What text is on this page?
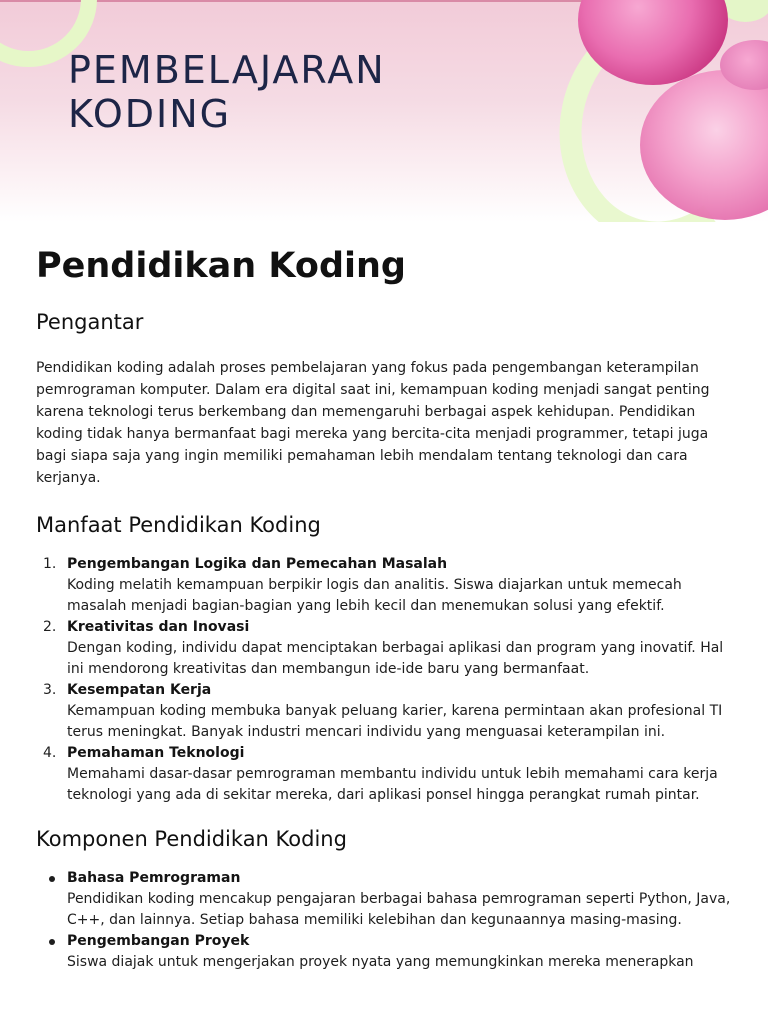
PEMBELAJARAN
KODING
Pendidikan Koding
Pengantar

Pendidikan koding adalah proses pembelajaran yang fokus pada pengembangan keterampilan pemrograman komputer. Dalam era digital saat ini, kemampuan koding menjadi sangat penting karena teknologi terus berkembang dan memengaruhi berbagai aspek kehidupan. Pendidikan koding tidak hanya bermanfaat bagi mereka yang bercita-cita menjadi programmer, tetapi juga bagi siapa saja yang ingin memiliki pemahaman lebih mendalam tentang teknologi dan cara kerjanya.

Manfaat Pendidikan Koding
1. Pengembangan Logika dan Pemecahan Masalah
Koding melatih kemampuan berpikir logis dan analitis. Siswa diajarkan untuk memecah masalah menjadi bagian-bagian yang lebih kecil dan menemukan solusi yang efektif.
2. Kreativitas dan Inovasi
Dengan koding, individu dapat menciptakan berbagai aplikasi dan program yang inovatif. Hal ini mendorong kreativitas dan membangun ide-ide baru yang bermanfaat.
3. Kesempatan Kerja
Kemampuan koding membuka banyak peluang karier, karena permintaan akan profesional TI terus meningkat. Banyak industri mencari individu yang menguasai keterampilan ini.
4. Pemahaman Teknologi
Memahami dasar-dasar pemrograman membantu individu untuk lebih memahami cara kerja teknologi yang ada di sekitar mereka, dari aplikasi ponsel hingga perangkat rumah pintar.
Komponen Pendidikan Koding
Bahasa Pemrograman
Pendidikan koding mencakup pengajaran berbagai bahasa pemrograman seperti Python, Java, C++, dan lainnya. Setiap bahasa memiliki kelebihan dan kegunaannya masing-masing.
Pengembangan Proyek
Siswa diajak untuk mengerjakan proyek nyata yang memungkinkan mereka menerapkan
